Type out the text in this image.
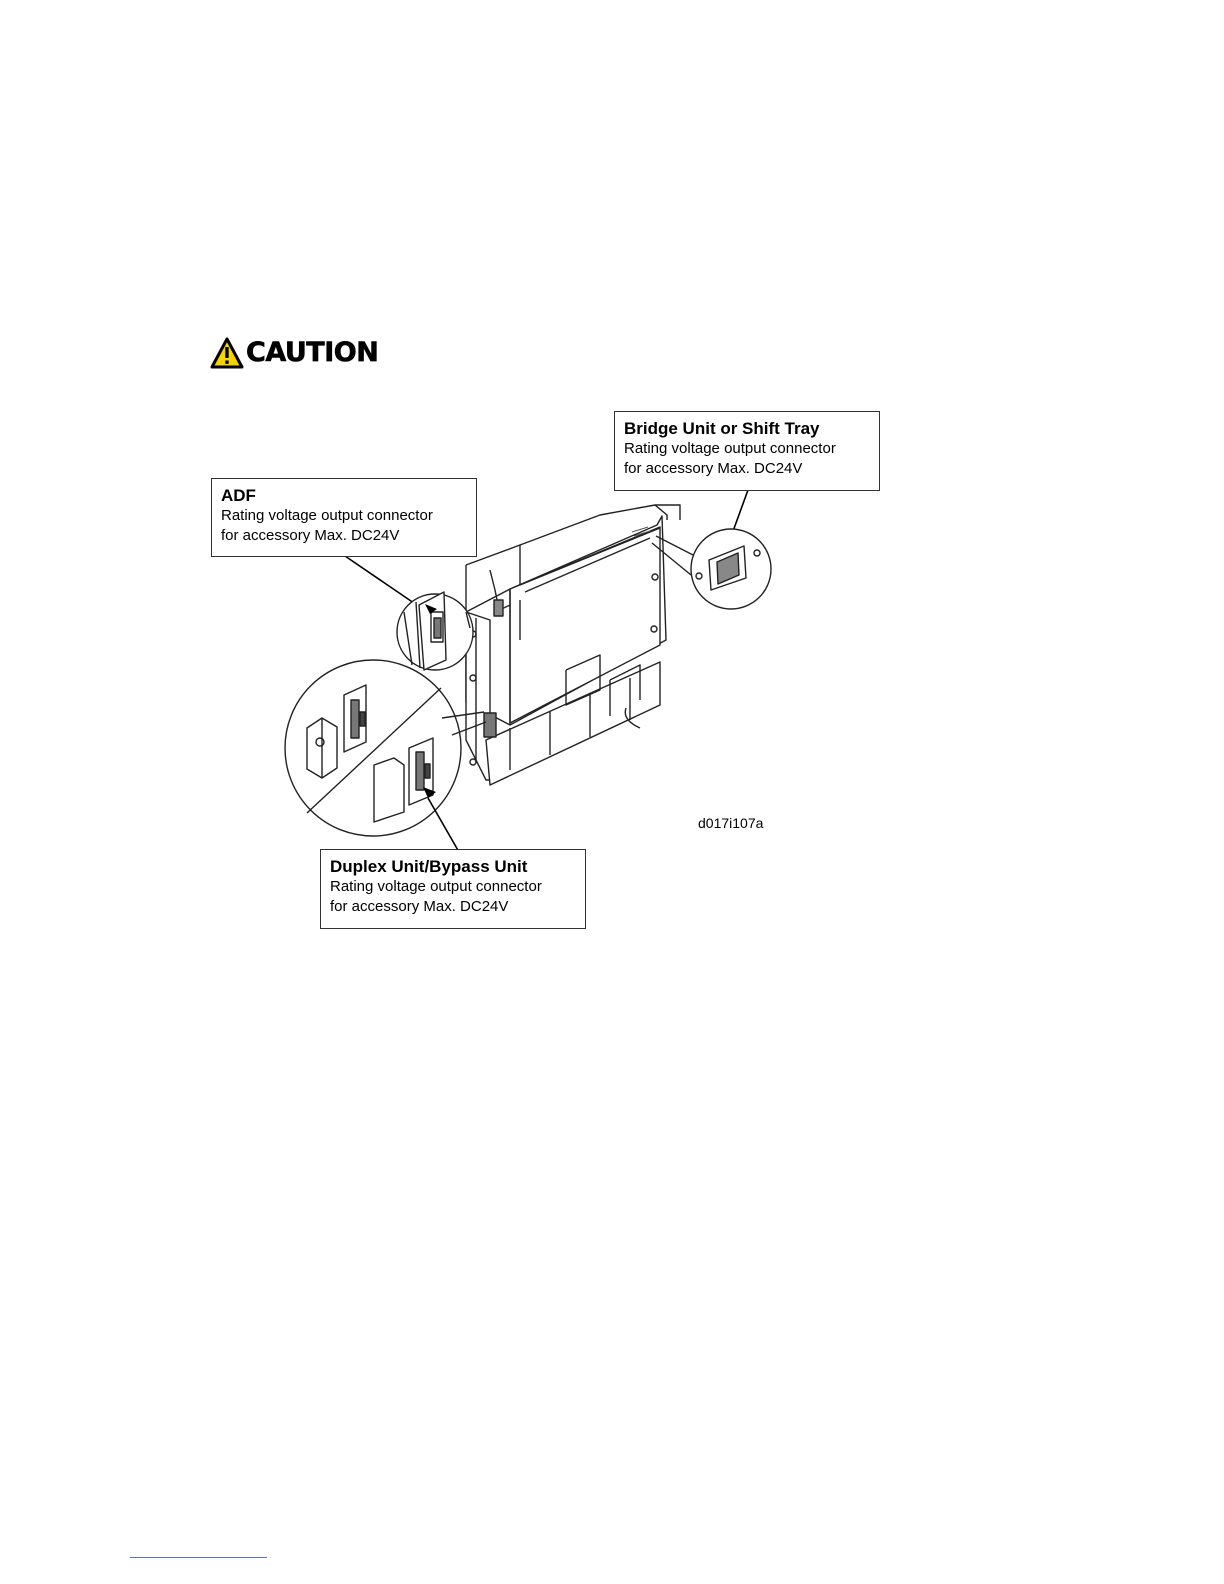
CAUTION
Bridge Unit or Shift Tray
Rating voltage output connector
for accessory Max. DC24V
ADF
Rating voltage output connector
for accessory Max. DC24V
Duplex Unit/Bypass Unit
Rating voltage output connector
for accessory Max. DC24V
d017i107a
